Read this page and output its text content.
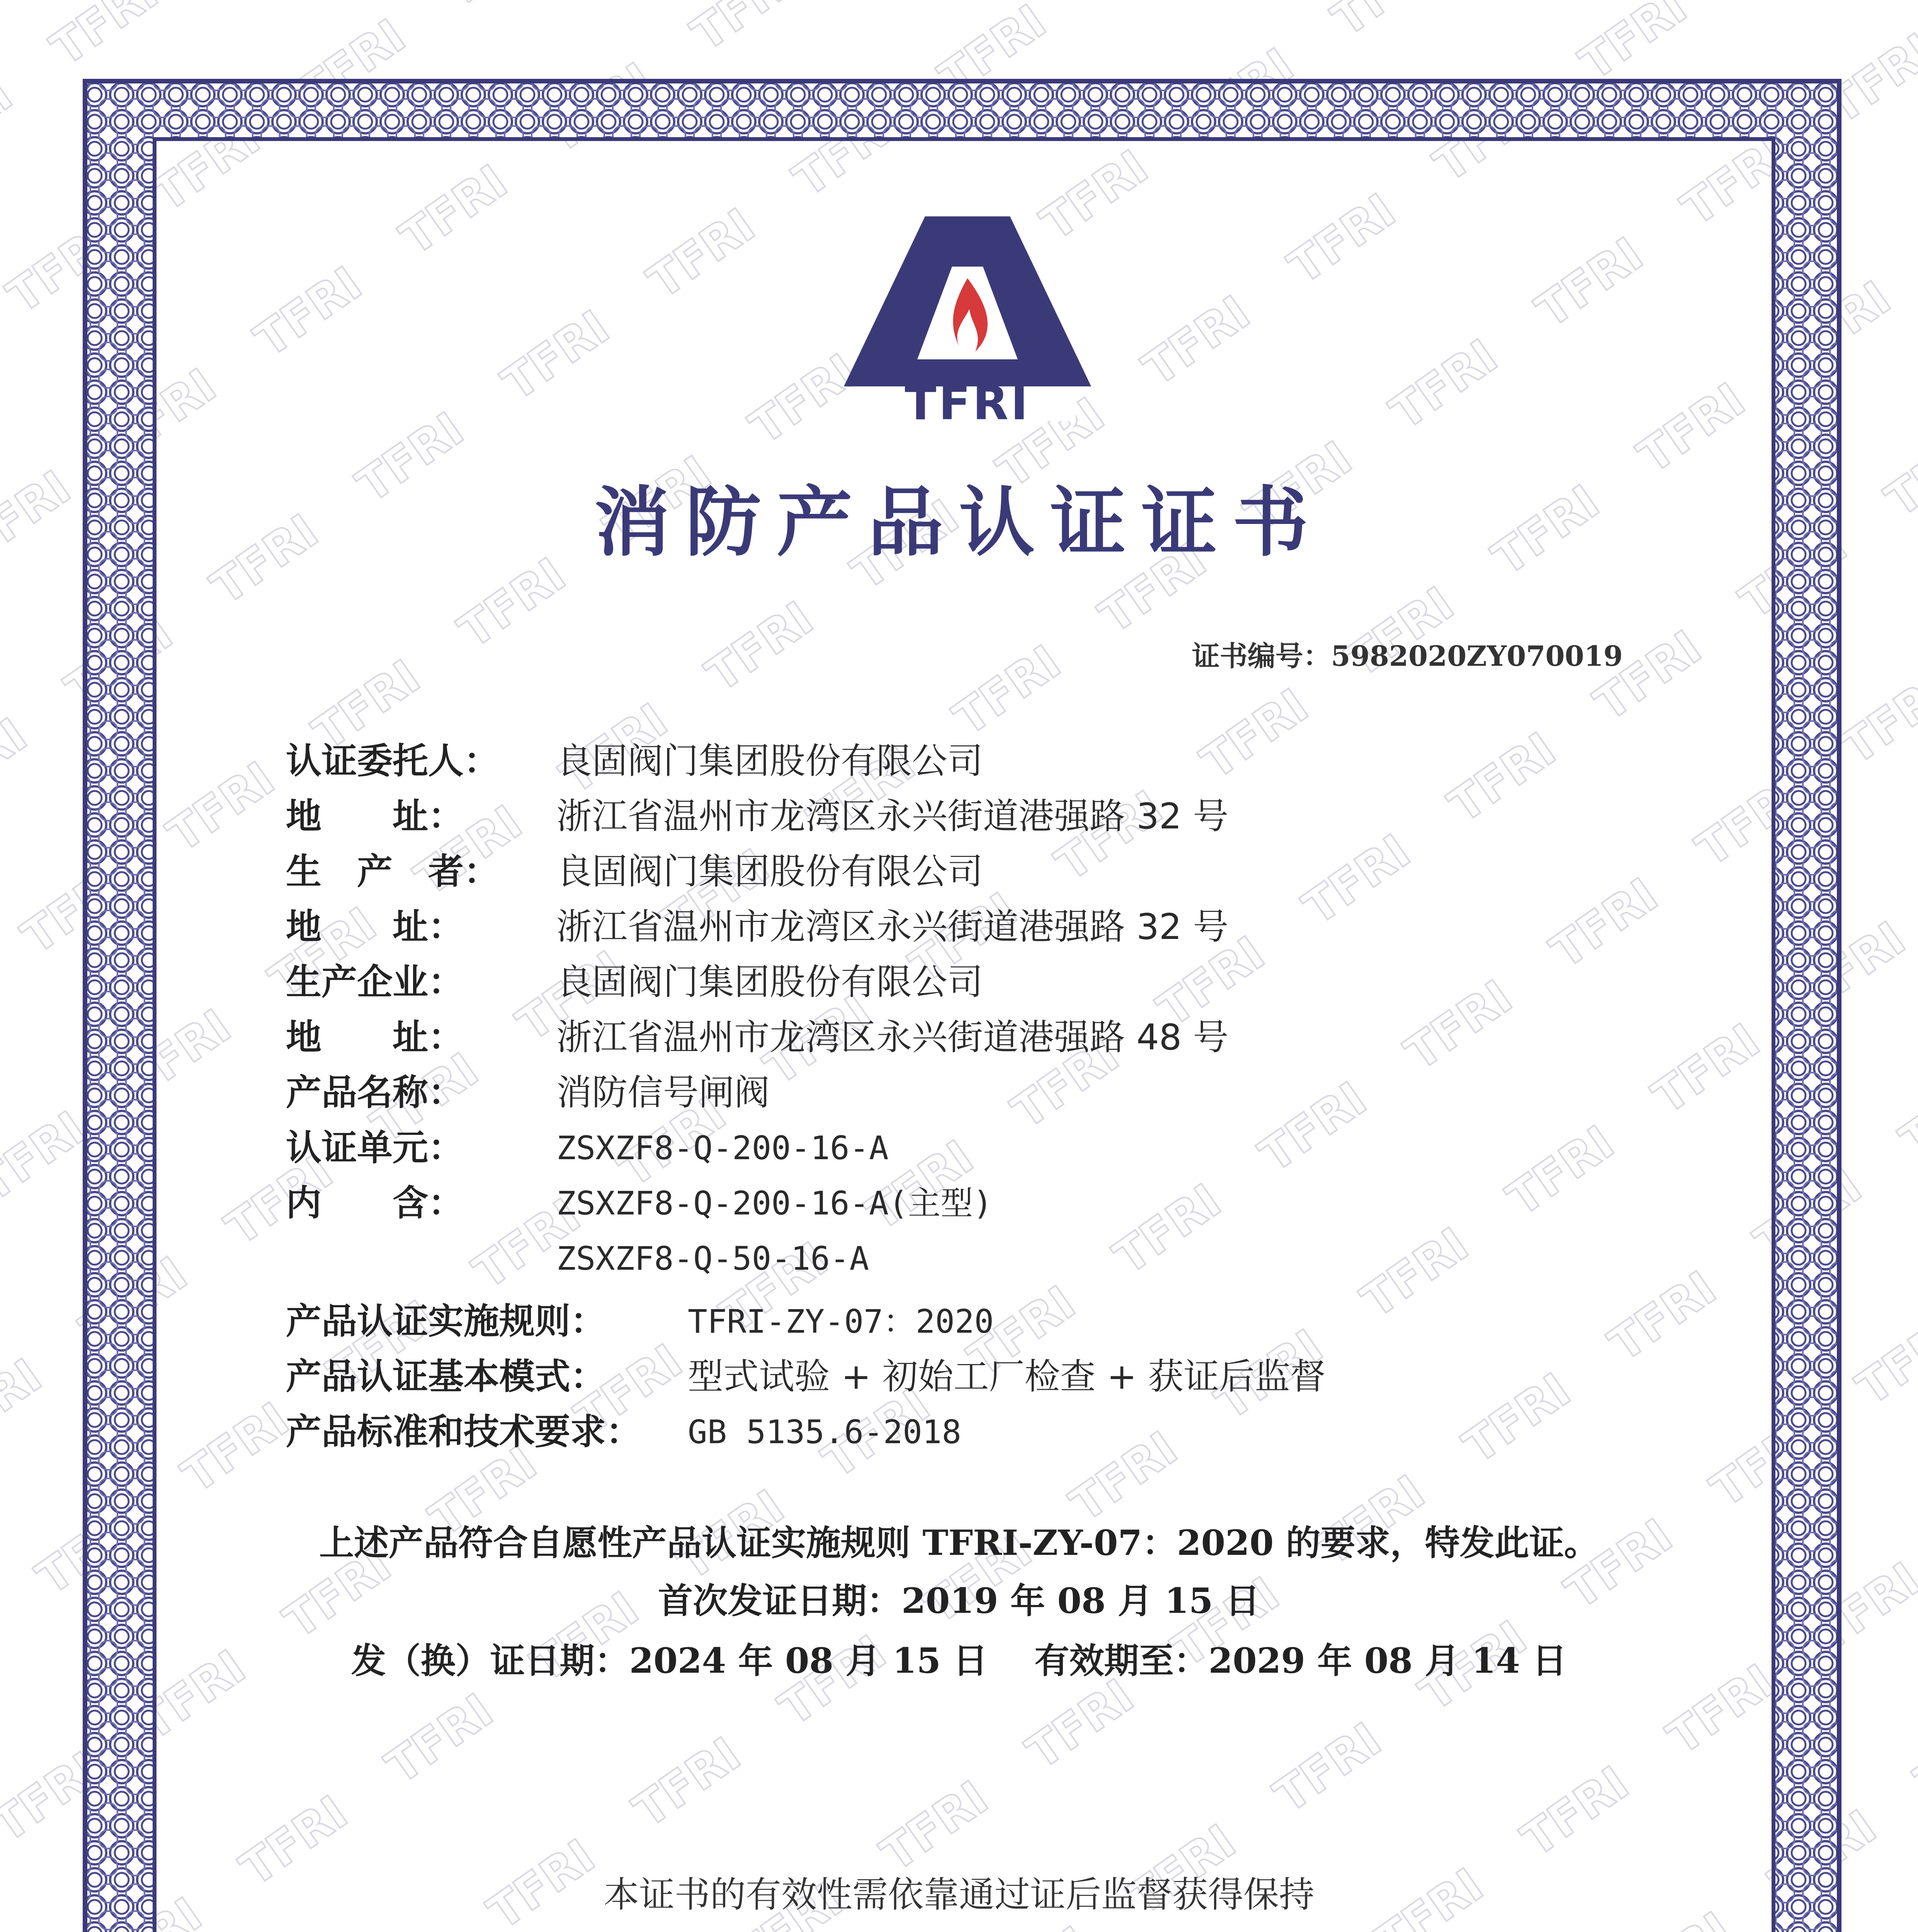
TFRI
消防产品认证证书
证书编号：5982020ZY070019
认证委托人：	良固阀门集团股份有限公司
地　　址：	浙江省温州市龙湾区永兴街道港强路 32 号
生　产　者：	良固阀门集团股份有限公司
地　　址：	浙江省温州市龙湾区永兴街道港强路 32 号
生产企业：	良固阀门集团股份有限公司
地　　址：	浙江省温州市龙湾区永兴街道港强路 48 号
产品名称：	消防信号闸阀
认证单元：	ZSXZF8-Q-200-16-A
内　　含：	ZSXZF8-Q-200-16-A(主型)
ZSXZF8-Q-50-16-A
产品认证实施规则：	TFRI-ZY-07：2020
产品认证基本模式：	型式试验 + 初始工厂检查 + 获证后监督
产品标准和技术要求：	GB 5135.6-2018
上述产品符合自愿性产品认证实施规则 TFRI-ZY-07：2020 的要求，特发此证。
首次发证日期：2019 年 08 月 15 日
发（换）证日期：2024 年 08 月 15 日　 有效期至：2029 年 08 月 14 日
本证书的有效性需依靠通过证后监督获得保持
